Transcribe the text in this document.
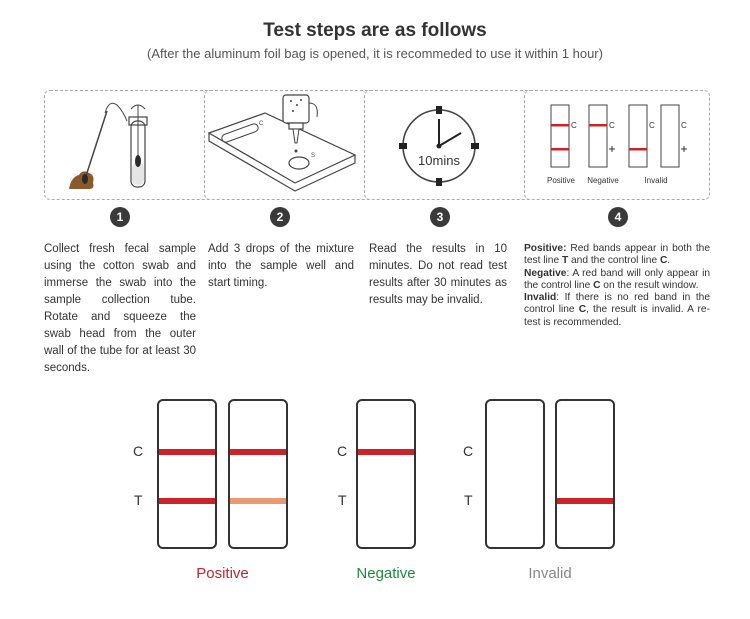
Test steps are as follows
(After the aluminum foil bag is opened, it is recommeded to use it within 1 hour)
C
S	10mins
C	C	C	C
Positive Negative	Invalid
1	2	3	4
Collect fresh fecal sample using the cotton swab and immerse the swab into the sample collection tube. Rotate and squeeze the swab head from the outer wall of the tube for at least 30 seconds.
Add 3 drops of the mixture into the sample well and start timing.
Read the results in 10 minutes. Do not read test results after 30 minutes as results may be invalid.
Positive: Red bands appear in both the test line T and the control line C.
Negative: A red band will only appear in the control line C on the result window.
Invalid: If there is no red band in the control line C, the result is invalid. A re-test is recommended.
C
T
Positive
C
T
Negative
C
T
Invalid
